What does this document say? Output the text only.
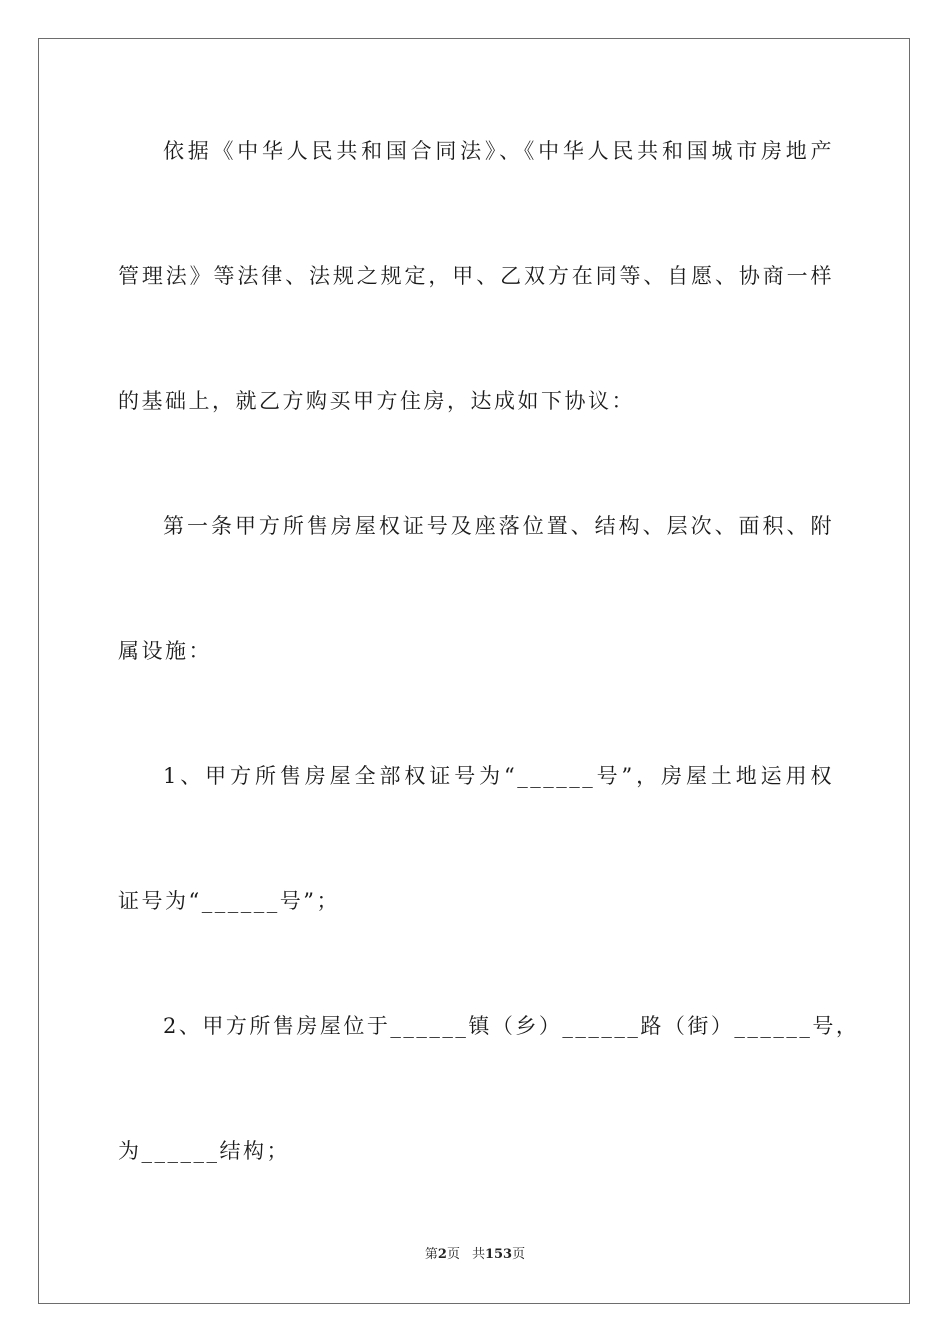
依据《中华人民共和国合同法》、《中华人民共和国城市房地产
管理法》等法律、法规之规定，甲、乙双方在同等、自愿、协商一样
的基础上，就乙方购买甲方住房，达成如下协议：
第一条甲方所售房屋权证号及座落位置、结构、层次、面积、附
属设施：
1、甲方所售房屋全部权证号为“______号”，房屋土地运用权
证号为“______号”；
2、甲方所售房屋位于______镇（乡）______路（街）______号，
为______结构；
第2页 共153页
